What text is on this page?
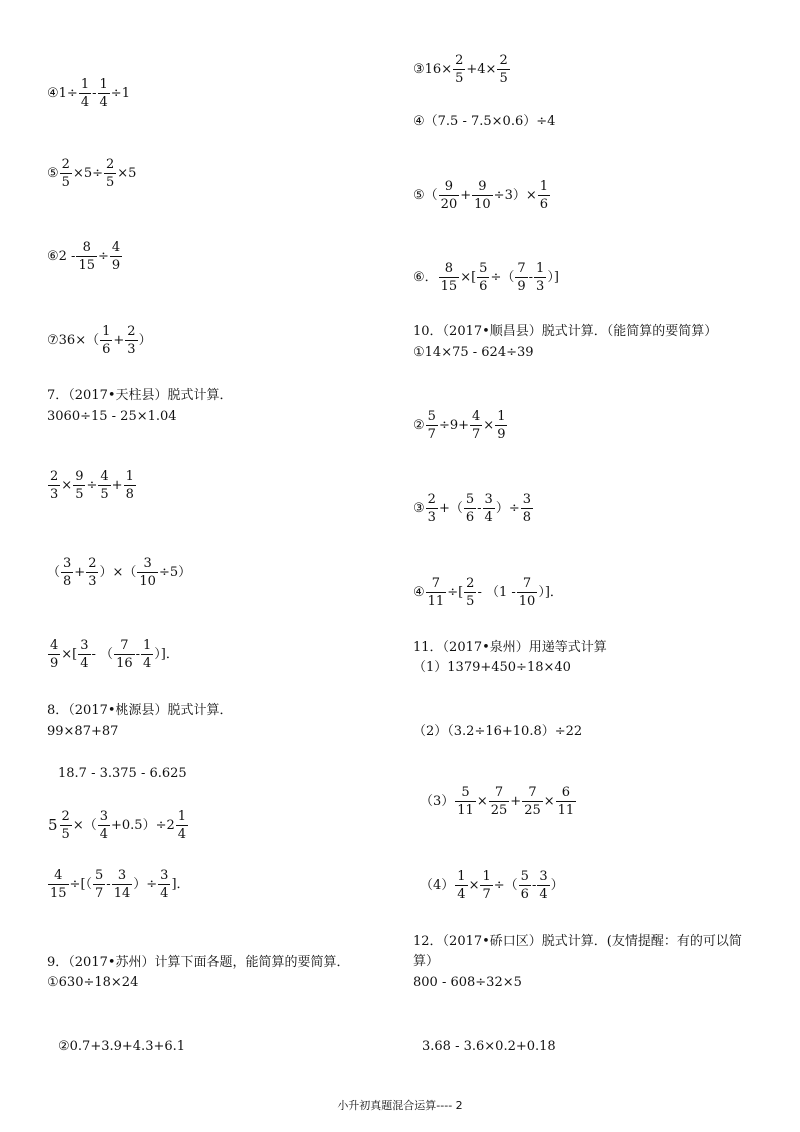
④ $1\div \frac{1}{4} - \frac{1}{4} \div 1$
⑤ $\frac{2}{5} \times 5\div \frac{2}{5} \times 5$
⑥ $2 - \frac{8}{15} \div \frac{4}{9}$
⑦ $36\times( \frac{1}{6} + \frac{2}{3}$ ）
7．（2017•天柱县）脱式计算．
3060÷15 - 25×1.04
$\frac{2}{3} \times \frac{9}{5} \div \frac{4}{5} + \frac{1}{8}$
（ $\frac{3}{8} + \frac{2}{3}$ ）×（ $\frac{3}{10} \div 5$）
$\frac{4}{9}$ ×[ $\frac{3}{4}$ - （ $\frac{7}{16} - \frac{1}{4}$ ）]．
8．（2017•桃源县）脱式计算．
99×87+87
18.7 - 3.375 - 6.625
$5 \frac{2}{5}$ ×（ $\frac{3}{4} +0.5)\div 2 \frac{1}{4}$
$\frac{4}{15}$ ÷[（ $\frac{5}{7} - \frac{3}{14}$ ）÷ $\frac{3}{4}$ ]．
9．（2017•苏州）计算下面各题，能简算的要简算．
①630÷18×24
②0.7+3.9+4.3+6.1
③ $16\times \frac{2}{5} +4\times \frac{2}{5}$
④（7.5 - 7.5×0.6）÷4
⑤ （ $\frac{9}{20} + \frac{9}{10} \div 3)\times \frac{1}{6}$
⑥． $\frac{8}{15}$ ×[ $\frac{5}{6}$ ÷（ $\frac{7}{9} - \frac{1}{3}$ ）]
10．（2017•顺昌县）脱式计算．（能简算的要简算）
①14×75 - 624÷39
② $\frac{5}{7} \div 9+ \frac{4}{7} \times \frac{1}{9}$
③ $\frac{2}{3}$ +（ $\frac{5}{6} - \frac{3}{4}$ ）÷ $\frac{3}{8}$
④ $\frac{7}{11}$ ÷[ $\frac{2}{5} - (1 - \frac{7}{10}$ ）]．
11．（2017•泉州）用递等式计算
（1）1379+450÷18×40
（2）（3.2÷16+10.8）÷22
$(3) \frac{5}{11} \times \frac{7}{25} + \frac{7}{25} \times \frac{6}{11}$
$(4) \frac{1}{4} \times \frac{1}{7}$ ÷（ $\frac{5}{6} - \frac{3}{4}$ ）
12．（2017•硚口区）脱式计算．(友情提醒：有的可以简算）
800 - 608÷32×5
3.68 - 3.6×0.2+0.18
小升初真题混合运算---- 2
